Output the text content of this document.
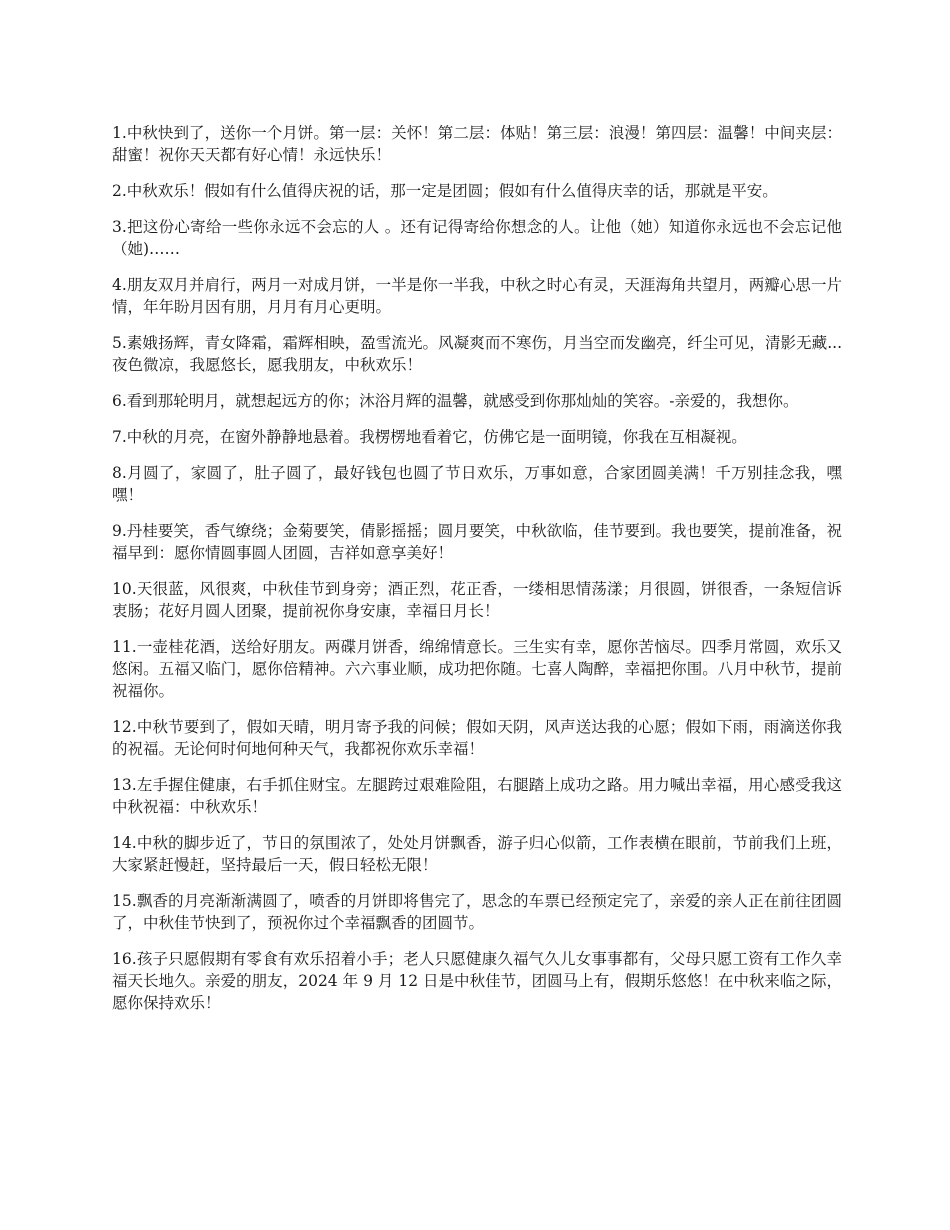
1.中秋快到了，送你一个月饼。第一层：关怀！第二层：体贴！第三层：浪漫！第四层：温馨！中间夹层：甜蜜！祝你天天都有好心情！永远快乐！

2.中秋欢乐！假如有什么值得庆祝的话，那一定是团圆；假如有什么值得庆幸的话，那就是平安。

3.把这份心寄给一些你永远不会忘的人 。还有记得寄给你想念的人。让他（她）知道你永远也不会忘记他（她)……

4.朋友双月并肩行，两月一对成月饼，一半是你一半我，中秋之时心有灵，天涯海角共望月，两瓣心思一片情，年年盼月因有朋，月月有月心更明。

5.素娥扬辉，青女降霜，霜辉相映，盈雪流光。风凝爽而不寒伤，月当空而发幽亮，纤尘可见，清影无藏...夜色微凉，我愿悠长，愿我朋友，中秋欢乐！

6.看到那轮明月，就想起远方的你；沐浴月辉的温馨，就感受到你那灿灿的笑容。-亲爱的，我想你。

7.中秋的月亮，在窗外静静地悬着。我楞楞地看着它，仿佛它是一面明镜，你我在互相凝视。

8.月圆了，家圆了，肚子圆了，最好钱包也圆了节日欢乐，万事如意，合家团圆美满！千万别挂念我，嘿嘿！

9.丹桂要笑，香气缭绕；金菊要笑，倩影摇摇；圆月要笑，中秋欲临，佳节要到。我也要笑，提前准备，祝福早到：愿你情圆事圆人团圆，吉祥如意享美好！

10.天很蓝，风很爽，中秋佳节到身旁；酒正烈，花正香，一缕相思情荡漾；月很圆，饼很香，一条短信诉衷肠；花好月圆人团聚，提前祝你身安康，幸福日月长！

11.一壶桂花酒，送给好朋友。两碟月饼香，绵绵情意长。三生实有幸，愿你苦恼尽。四季月常圆，欢乐又悠闲。五福又临门，愿你倍精神。六六事业顺，成功把你随。七喜人陶醉，幸福把你围。八月中秋节，提前祝福你。

12.中秋节要到了，假如天晴，明月寄予我的问候；假如天阴，风声送达我的心愿；假如下雨，雨滴送你我的祝福。无论何时何地何种天气，我都祝你欢乐幸福！

13.左手握住健康，右手抓住财宝。左腿跨过艰难险阻，右腿踏上成功之路。用力喊出幸福，用心感受我这中秋祝福：中秋欢乐！

14.中秋的脚步近了，节日的氛围浓了，处处月饼飘香，游子归心似箭，工作表横在眼前，节前我们上班，大家紧赶慢赶，坚持最后一天，假日轻松无限！

15.飘香的月亮渐渐满圆了，喷香的月饼即将售完了，思念的车票已经预定完了，亲爱的亲人正在前往团圆了，中秋佳节快到了，预祝你过个幸福飘香的团圆节。

16.孩子只愿假期有零食有欢乐招着小手；老人只愿健康久福气久儿女事事都有，父母只愿工资有工作久幸福天长地久。亲爱的朋友，2024 年 9 月 12 日是中秋佳节，团圆马上有，假期乐悠悠！在中秋来临之际，愿你保持欢乐！
